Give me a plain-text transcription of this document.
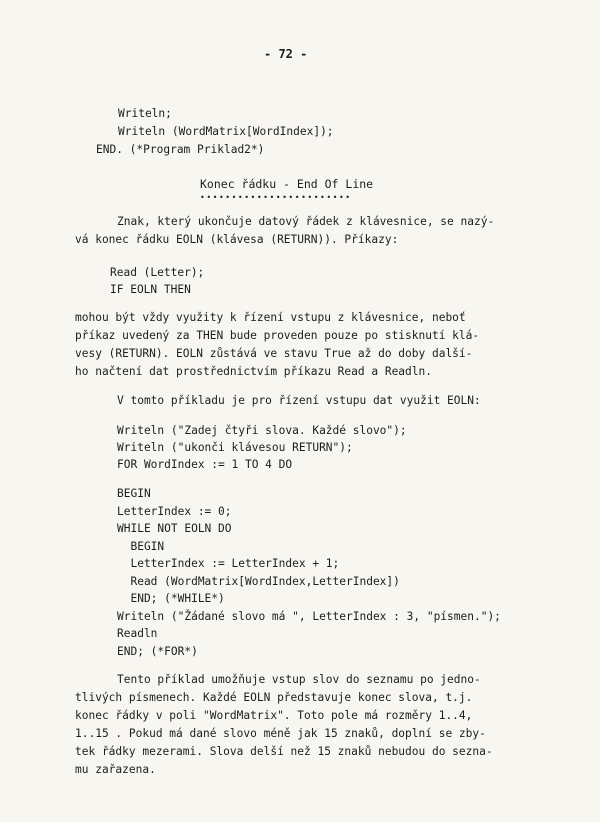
- 72 -
Writeln;
Writeln (WordMatrix[WordIndex]);
END. (*Program Priklad2*)
Konec řádku - End Of Line
••••••••••••••••••••••••
Znak, který ukončuje datový řádek z klávesnice, se nazý-
vá konec řádku EOLN (klávesa (RETURN)). Příkazy:
Read (Letter);
IF EOLN THEN
mohou být vždy využity k řízení vstupu z klávesnice, neboť
příkaz uvedený za THEN bude proveden pouze po stisknutí klá-
vesy (RETURN). EOLN zůstává ve stavu True až do doby další-
ho načtení dat prostřednictvím příkazu Read a Readln.
V tomto příkladu je pro řízení vstupu dat využit EOLN:
Writeln ("Zadej čtyři slova. Každé slovo");
Writeln ("ukonči klávesou RETURN");
FOR WordIndex := 1 TO 4 DO
BEGIN
LetterIndex := 0;
WHILE NOT EOLN DO
BEGIN
LetterIndex := LetterIndex + 1;
Read (WordMatrix[WordIndex,LetterIndex])
END; (*WHILE*)
Writeln ("Žádané slovo má ", LetterIndex : 3, "písmen.");
Readln
END; (*FOR*)
Tento příklad umožňuje vstup slov do seznamu po jedno-
tlivých písmenech. Každé EOLN představuje konec slova, t.j.
konec řádky v poli "WordMatrix". Toto pole má rozměry 1..4,
1..15 . Pokud má dané slovo méně jak 15 znaků, doplní se zby-
tek řádky mezerami. Slova delší než 15 znaků nebudou do sezna-
mu zařazena.
